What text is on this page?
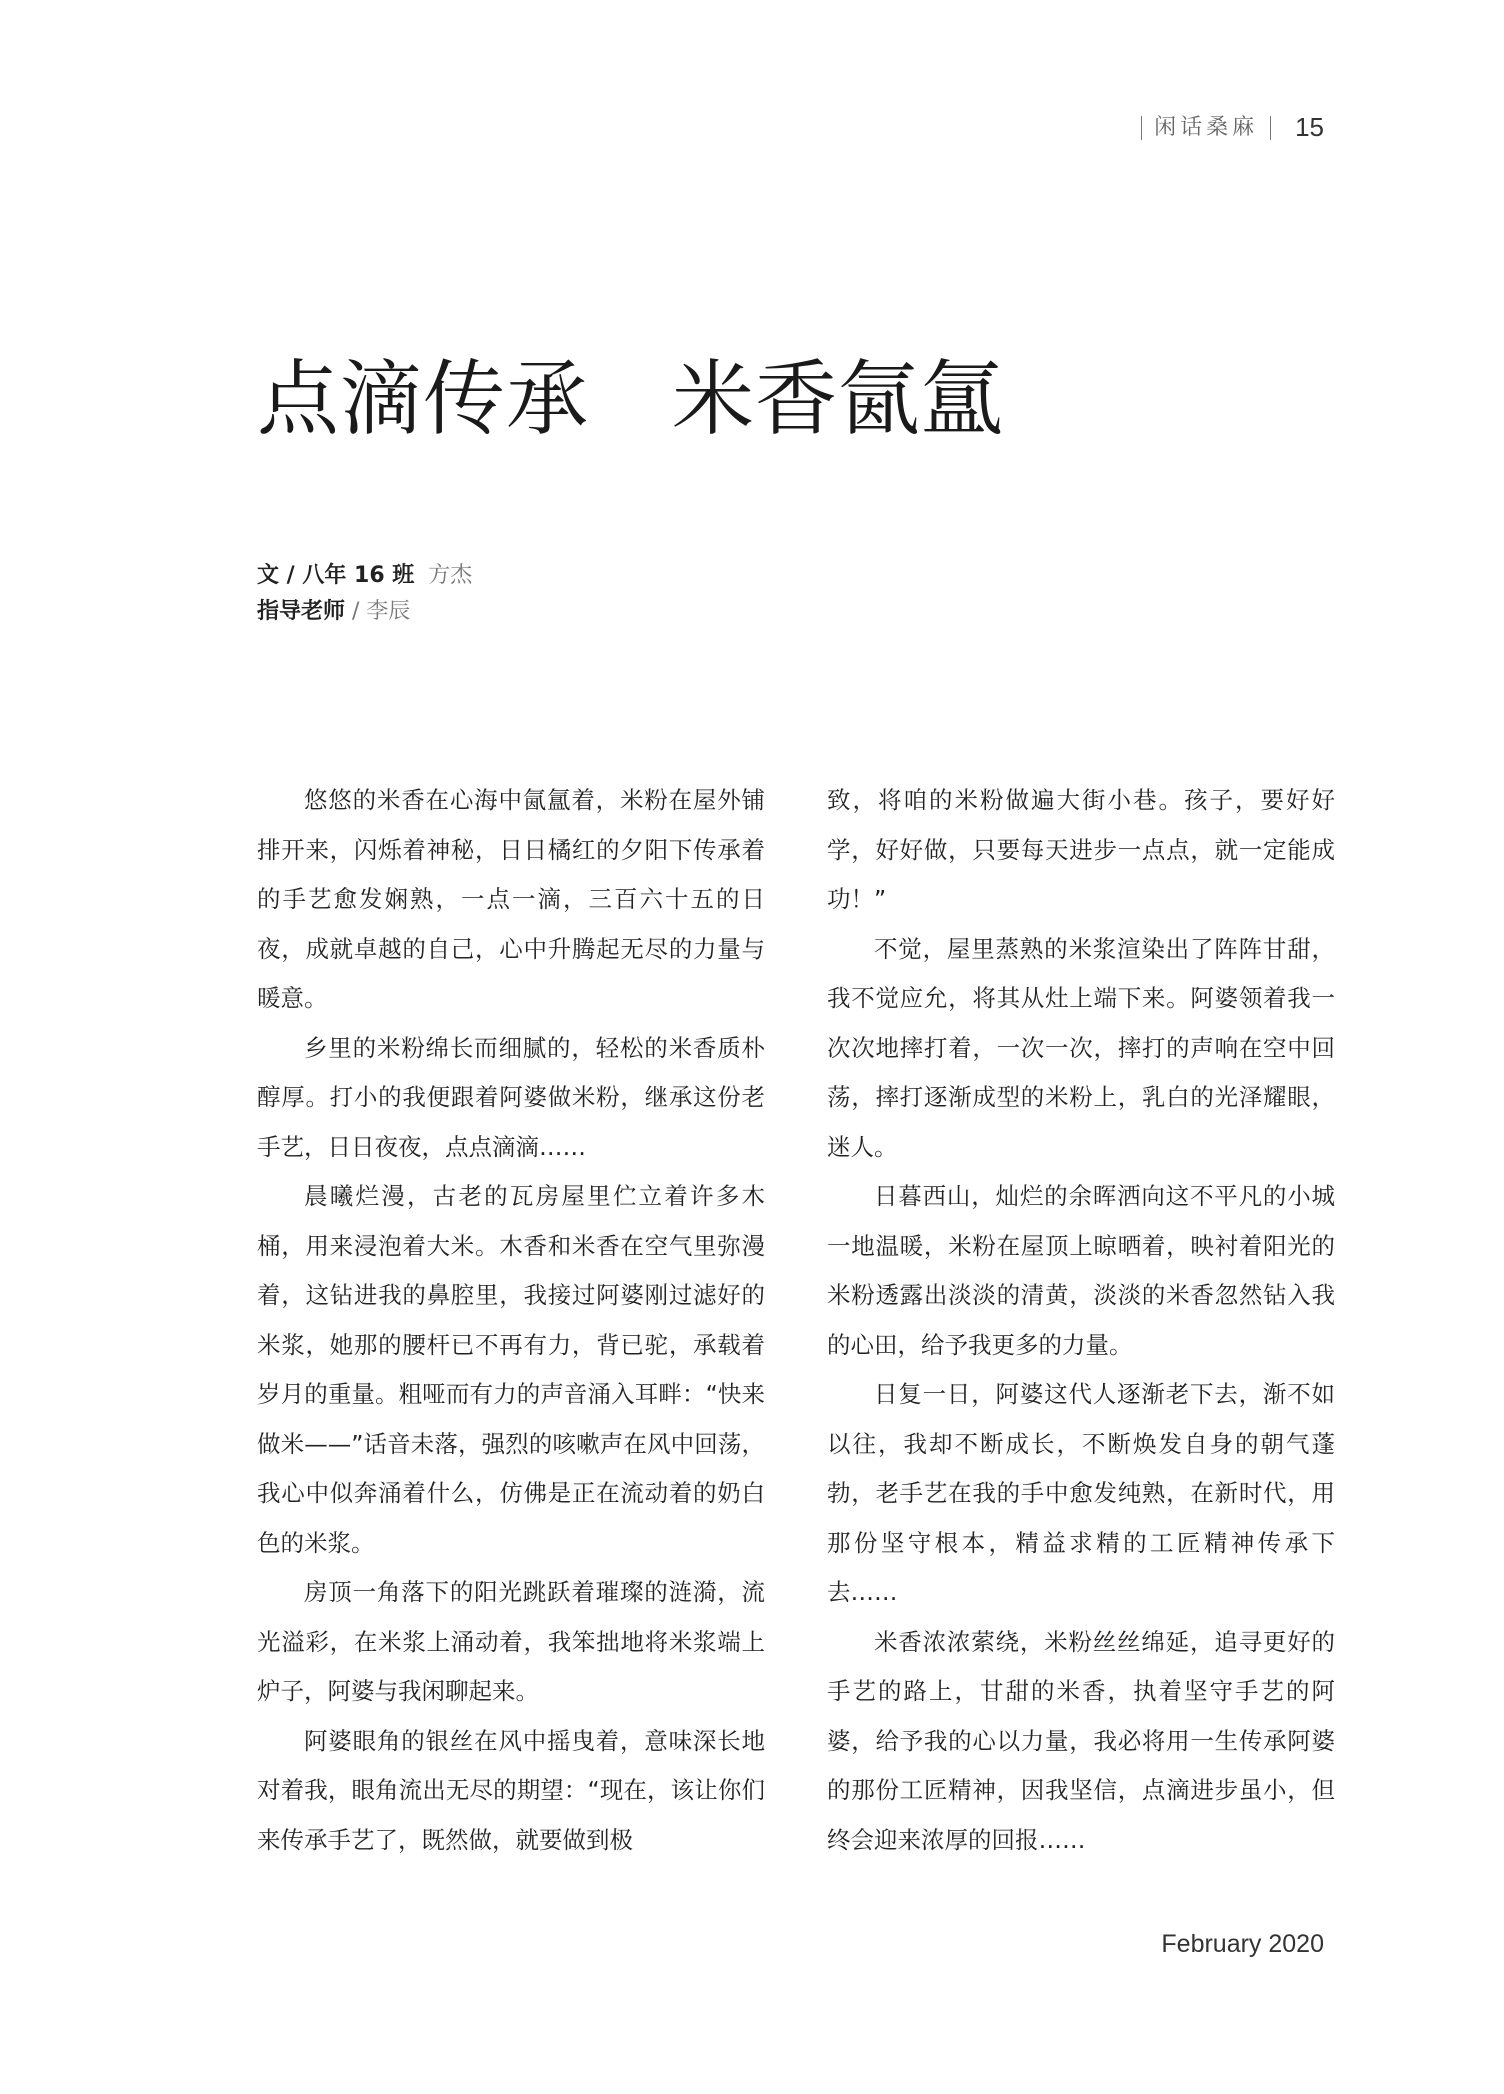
闲话桑麻	15
点滴传承　米香氤氲
文 / 八年 16 班 方杰
指导老师 / 李辰

悠悠的米香在心海中氤氲着，米粉在屋外铺排开来，闪烁着神秘，日日橘红的夕阳下传承着的手艺愈发娴熟，一点一滴，三百六十五的日夜，成就卓越的自己，心中升腾起无尽的力量与暖意。

乡里的米粉绵长而细腻的，轻松的米香质朴醇厚。打小的我便跟着阿婆做米粉，继承这份老手艺，日日夜夜，点点滴滴……

晨曦烂漫，古老的瓦房屋里伫立着许多木桶，用来浸泡着大米。木香和米香在空气里弥漫着，这钻进我的鼻腔里，我接过阿婆刚过滤好的米浆，她那的腰杆已不再有力，背已驼，承载着岁月的重量。粗哑而有力的声音涌入耳畔：“快来做米——”话音未落，强烈的咳嗽声在风中回荡，我心中似奔涌着什么，仿佛是正在流动着的奶白色的米浆。

房顶一角落下的阳光跳跃着璀璨的涟漪，流光溢彩，在米浆上涌动着，我笨拙地将米浆端上炉子，阿婆与我闲聊起来。

阿婆眼角的银丝在风中摇曳着，意味深长地对着我，眼角流出无尽的期望：“现在，该让你们来传承手艺了，既然做，就要做到极

致，将咱的米粉做遍大街小巷。孩子，要好好学，好好做，只要每天进步一点点，就一定能成功！”

不觉，屋里蒸熟的米浆渲染出了阵阵甘甜，我不觉应允，将其从灶上端下来。阿婆领着我一次次地摔打着，一次一次，摔打的声响在空中回荡，摔打逐渐成型的米粉上，乳白的光泽耀眼，迷人。

日暮西山，灿烂的余晖洒向这不平凡的小城一地温暖，米粉在屋顶上晾晒着，映衬着阳光的米粉透露出淡淡的清黄，淡淡的米香忽然钻入我的心田，给予我更多的力量。

日复一日，阿婆这代人逐渐老下去，渐不如以往，我却不断成长，不断焕发自身的朝气蓬勃，老手艺在我的手中愈发纯熟，在新时代，用那份坚守根本，精益求精的工匠精神传承下去……

米香浓浓萦绕，米粉丝丝绵延，追寻更好的手艺的路上，甘甜的米香，执着坚守手艺的阿婆，给予我的心以力量，我必将用一生传承阿婆的那份工匠精神，因我坚信，点滴进步虽小，但终会迎来浓厚的回报……

February 2020
